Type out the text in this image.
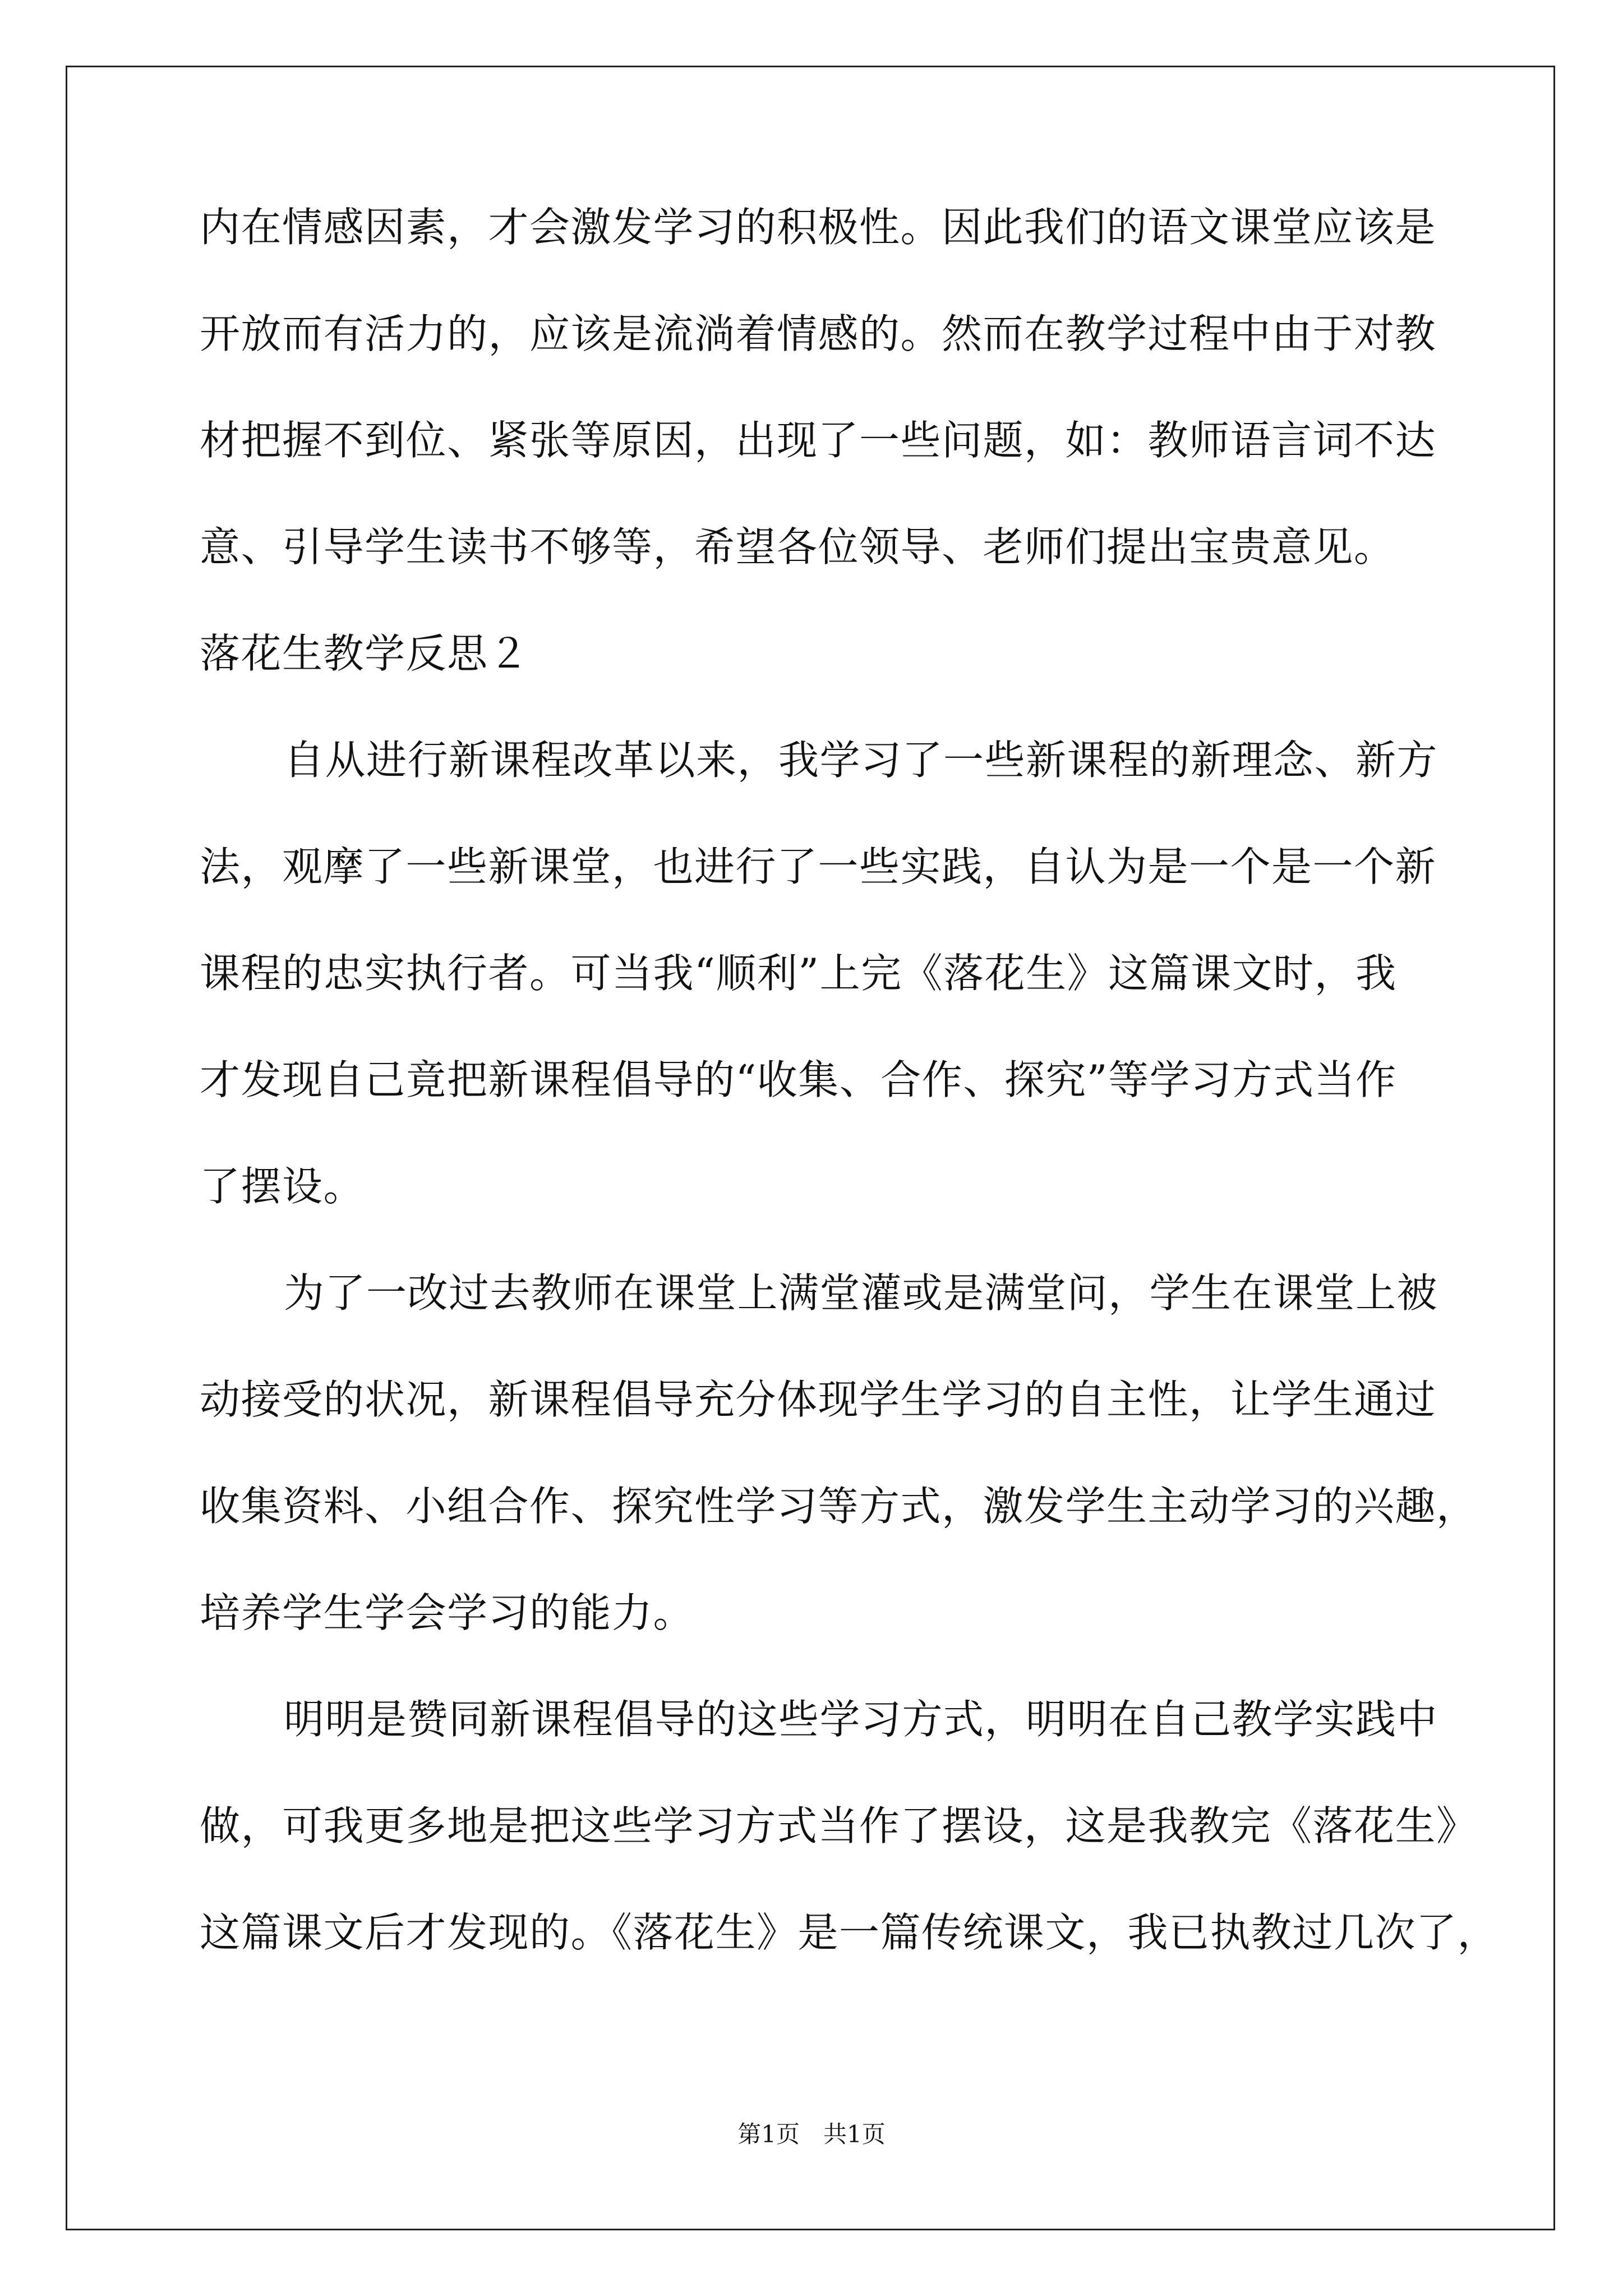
内在情感因素，才会激发学习的积极性。因此我们的语文课堂应该是
开放而有活力的，应该是流淌着情感的。然而在教学过程中由于对教
材把握不到位、紧张等原因，出现了一些问题，如：教师语言词不达
意、引导学生读书不够等，希望各位领导、老师们提出宝贵意见。
落花生教学反思２
自从进行新课程改革以来，我学习了一些新课程的新理念、新方
法，观摩了一些新课堂，也进行了一些实践，自认为是一个是一个新
课程的忠实执行者。可当我“顺利”上完《落花生》这篇课文时，我
才发现自己竟把新课程倡导的“收集、合作、探究”等学习方式当作
了摆设。
为了一改过去教师在课堂上满堂灌或是满堂问，学生在课堂上被
动接受的状况，新课程倡导充分体现学生学习的自主性，让学生通过
收集资料、小组合作、探究性学习等方式，激发学生主动学习的兴趣，
培养学生学会学习的能力。
明明是赞同新课程倡导的这些学习方式，明明在自己教学实践中
做，可我更多地是把这些学习方式当作了摆设，这是我教完《落花生》
这篇课文后才发现的。《落花生》是一篇传统课文，我已执教过几次了，
第1页　共1页
